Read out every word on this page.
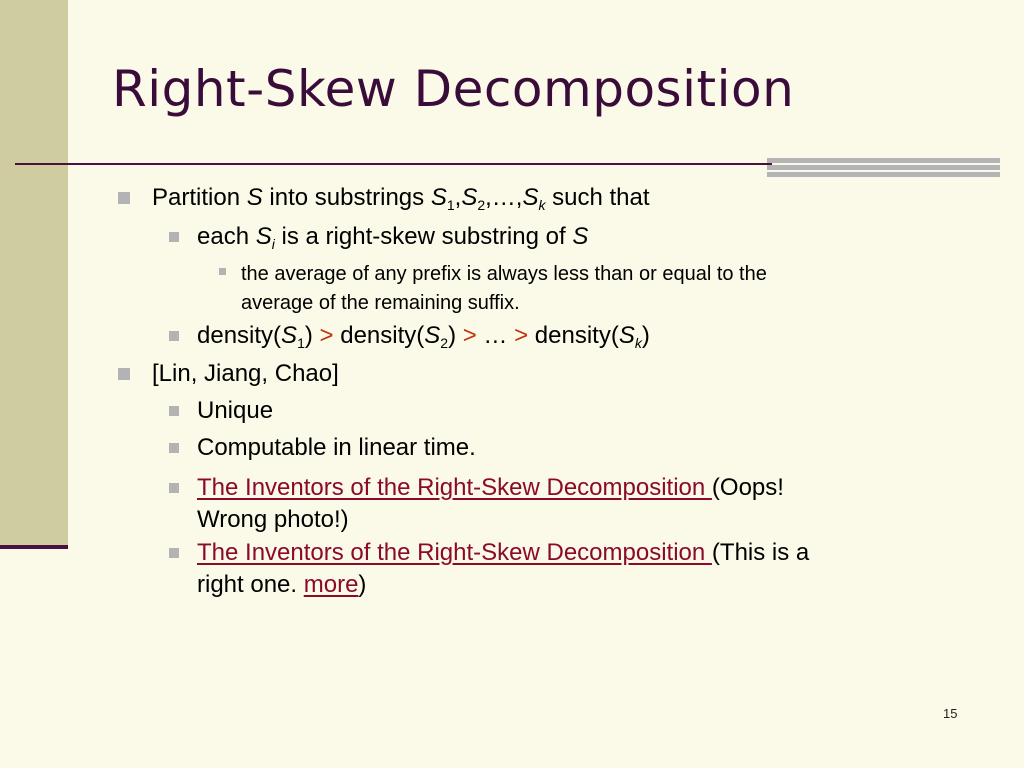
Right-Skew Decomposition
Partition S into substrings $S_1,S_2,\dots,S_k$ such that
each $S_i$ is a right-skew substring of S
the average of any prefix is always less than or equal to the
average of the remaining suffix.
$density(S_1)$ > $density(S_2)$ > … > $density(S_k)$
[Lin, Jiang, Chao]
Unique
Computable in linear time.
The Inventors of the Right-Skew Decomposition (Oops!
Wrong photo!)
The Inventors of the Right-Skew Decomposition (This is a
right one. more)
15
